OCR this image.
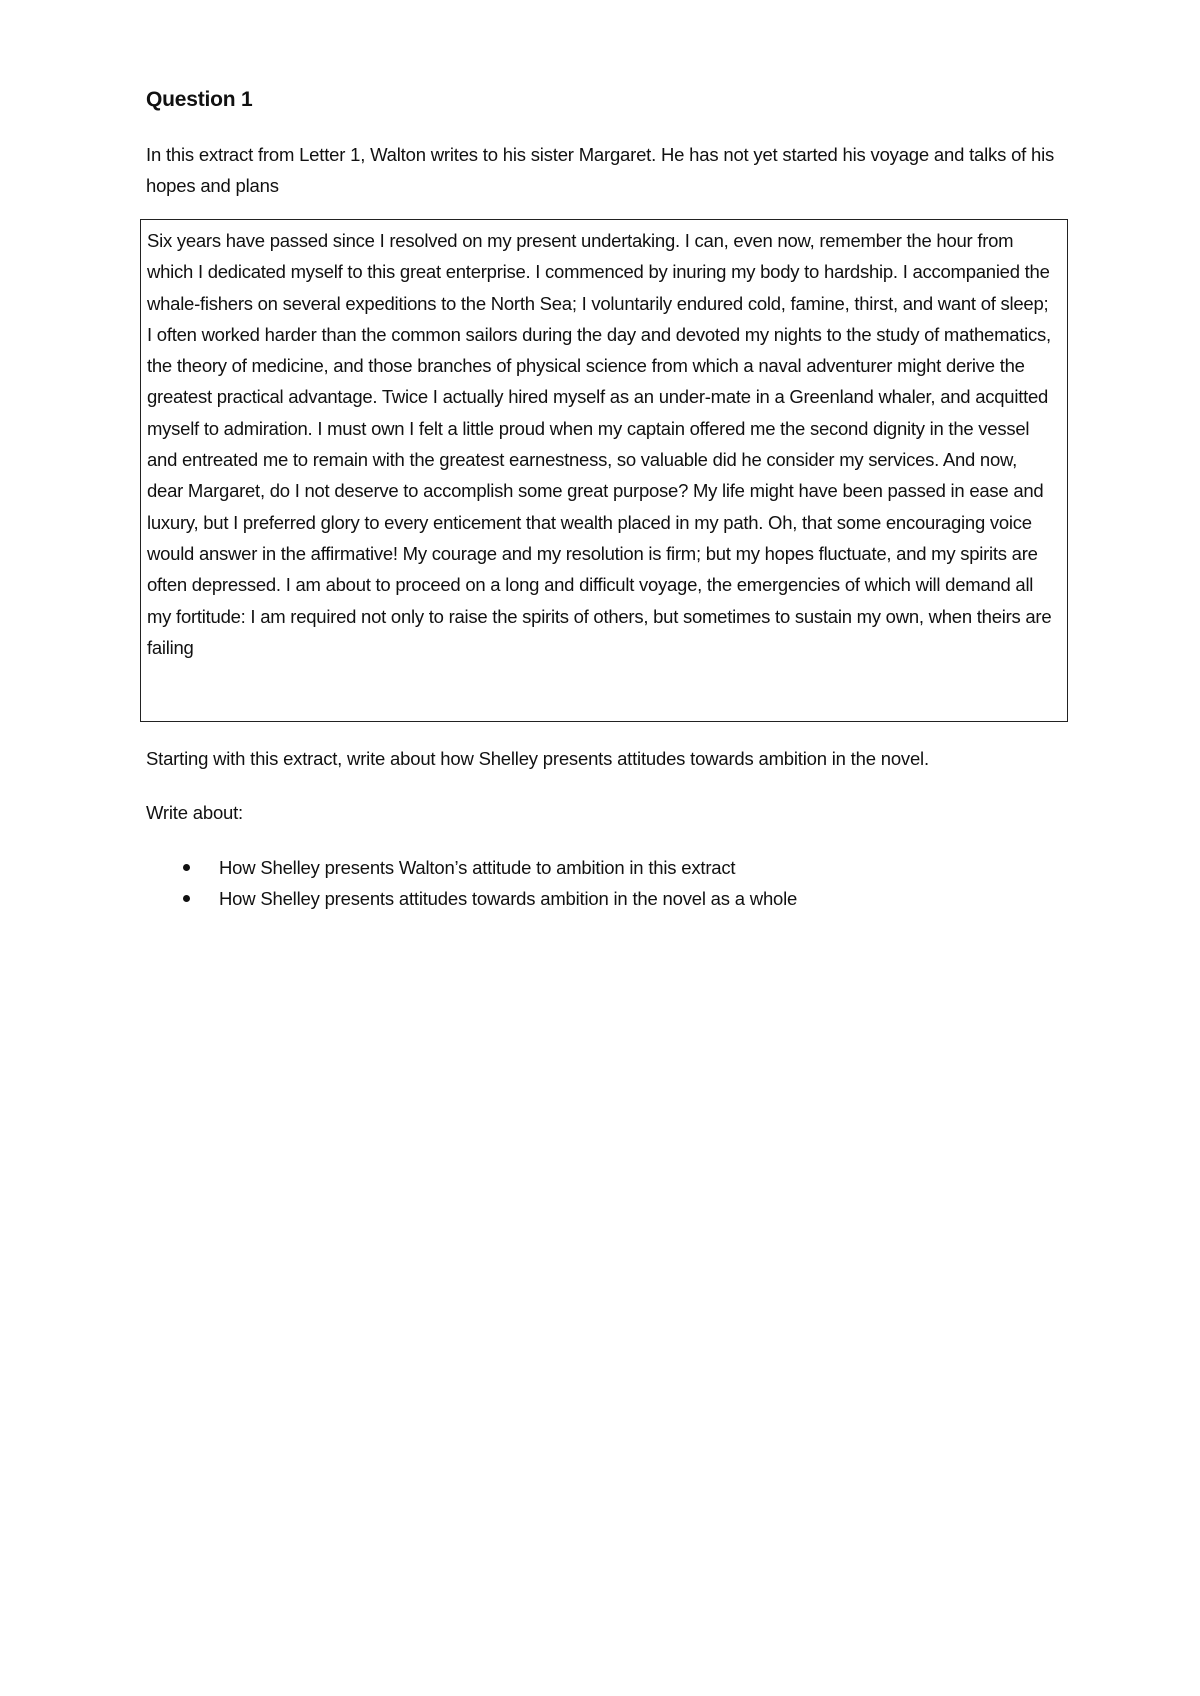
Question 1

In this extract from Letter 1, Walton writes to his sister Margaret. He has not yet started his voyage and talks of his hopes and plans

Six years have passed since I resolved on my present undertaking. I can, even now, remember the hour from which I dedicated myself to this great enterprise. I commenced by inuring my body to hardship. I accompanied the whale-fishers on several expeditions to the North Sea; I voluntarily endured cold, famine, thirst, and want of sleep; I often worked harder than the common sailors during the day and devoted my nights to the study of mathematics, the theory of medicine, and those branches of physical science from which a naval adventurer might derive the greatest practical advantage. Twice I actually hired myself as an under-mate in a Greenland whaler, and acquitted myself to admiration. I must own I felt a little proud when my captain offered me the second dignity in the vessel and entreated me to remain with the greatest earnestness, so valuable did he consider my services. And now, dear Margaret, do I not deserve to accomplish some great purpose? My life might have been passed in ease and luxury, but I preferred glory to every enticement that wealth placed in my path. Oh, that some encouraging voice would answer in the affirmative! My courage and my resolution is firm; but my hopes fluctuate, and my spirits are often depressed. I am about to proceed on a long and difficult voyage, the emergencies of which will demand all my fortitude: I am required not only to raise the spirits of others, but sometimes to sustain my own, when theirs are failing

Starting with this extract, write about how Shelley presents attitudes towards ambition in the novel.

Write about:

How Shelley presents Walton’s attitude to ambition in this extract
How Shelley presents attitudes towards ambition in the novel as a whole
